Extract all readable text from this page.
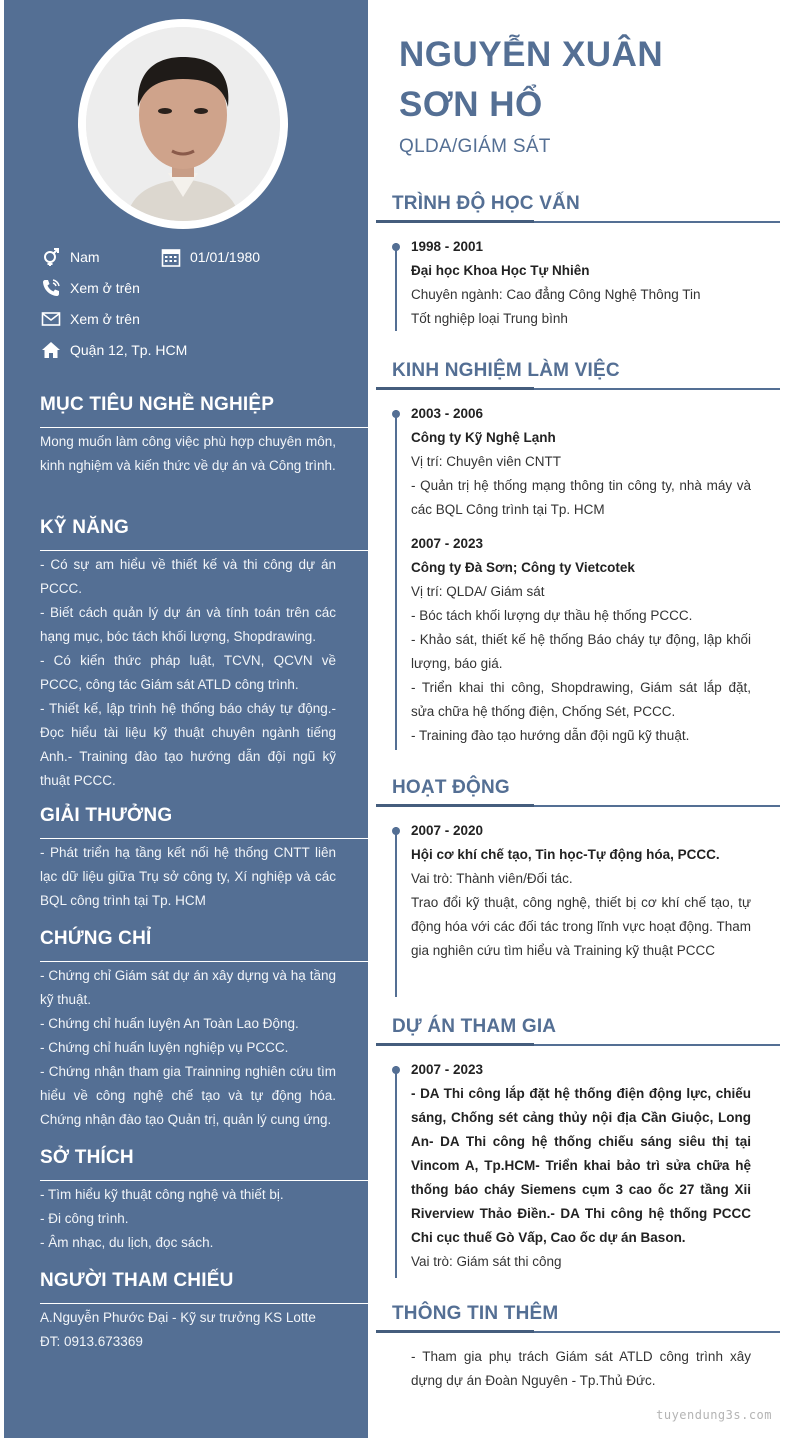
Nam	01/01/1980
Xem ở trên
Xem ở trên
Quận 12, Tp. HCM
MỤC TIÊU NGHỀ NGHIỆP

Mong muốn làm công việc phù hợp chuyên môn, kinh nghiệm và kiến thức về dự án và Công trình.

KỸ NĂNG

- Có sự am hiểu về thiết kế và thi công dự án PCCC.

- Biết cách quản lý dự án và tính toán trên các hạng mục, bóc tách khối lượng, Shopdrawing.

- Có kiến thức pháp luật, TCVN, QCVN về PCCC, công tác Giám sát ATLD công trình.

- Thiết kế, lập trình hệ thống báo cháy tự động.- Đọc hiểu tài liệu kỹ thuật chuyên ngành tiếng Anh.- Training đào tạo hướng dẫn đội ngũ kỹ thuật PCCC.

GIẢI THƯỞNG

- Phát triển hạ tầng kết nối hệ thống CNTT liên lạc dữ liệu giữa Trụ sở công ty, Xí nghiệp và các BQL công trình tại Tp. HCM

CHỨNG CHỈ

- Chứng chỉ Giám sát dự án xây dựng và hạ tầng kỹ thuật.

- Chứng chỉ huấn luyện An Toàn Lao Động.

- Chứng chỉ huấn luyện nghiệp vụ PCCC.

- Chứng nhận tham gia Trainning nghiên cứu tìm hiểu về công nghệ chế tạo và tự động hóa. Chứng nhận đào tạo Quản trị, quản lý cung ứng.

SỞ THÍCH

- Tìm hiểu kỹ thuật công nghệ và thiết bị.

- Đi công trình.

- Âm nhạc, du lịch, đọc sách.

NGƯỜI THAM CHIẾU

A.Nguyễn Phước Đại - Kỹ sư trưởng KS Lotte

ĐT: 0913.673369

NGUYỄN XUÂN
SƠN HỔ
QLDA/GIÁM SÁT
TRÌNH ĐỘ HỌC VẤN
1998 - 2001
Đại học Khoa Học Tự Nhiên
Chuyên ngành: Cao đẳng Công Nghệ Thông Tin
Tốt nghiệp loại Trung bình
KINH NGHIỆM LÀM VIỆC
2003 - 2006
Công ty Kỹ Nghệ Lạnh
Vị trí: Chuyên viên CNTT
- Quản trị hệ thống mạng thông tin công ty, nhà máy và các BQL Công trình tại Tp. HCM
2007 - 2023
Công ty Đà Sơn; Công ty Vietcotek
Vị trí: QLDA/ Giám sát
- Bóc tách khối lượng dự thầu hệ thống PCCC.
- Khảo sát, thiết kế hệ thống Báo cháy tự động, lập khối lượng, báo giá.
- Triển khai thi công, Shopdrawing, Giám sát lắp đặt, sửa chữa hệ thống điện, Chống Sét, PCCC.
- Training đào tạo hướng dẫn đội ngũ kỹ thuật.
HOẠT ĐỘNG
2007 - 2020
Hội cơ khí chế tạo, Tin học-Tự động hóa, PCCC.
Vai trò: Thành viên/Đối tác.
Trao đổi kỹ thuật, công nghệ, thiết bị cơ khí chế tạo, tự động hóa với các đối tác trong lĩnh vực hoạt động. Tham gia nghiên cứu tìm hiểu và Training kỹ thuật PCCC
DỰ ÁN THAM GIA
2007 - 2023
- DA Thi công lắp đặt hệ thống điện động lực, chiếu sáng, Chống sét cảng thủy nội địa Cần Giuộc, Long An- DA Thi công hệ thống chiếu sáng siêu thị tại Vincom A, Tp.HCM- Triển khai bảo trì sửa chữa hệ thống báo cháy Siemens cụm 3 cao ốc 27 tầng Xii Riverview Thảo Điền.- DA Thi công hệ thống PCCC Chi cục thuế Gò Vấp, Cao ốc dự án Bason.
Vai trò: Giám sát thi công
THÔNG TIN THÊM
- Tham gia phụ trách Giám sát ATLD công trình xây dựng dự án Đoàn Nguyên - Tp.Thủ Đức.
tuyendung3s.com
